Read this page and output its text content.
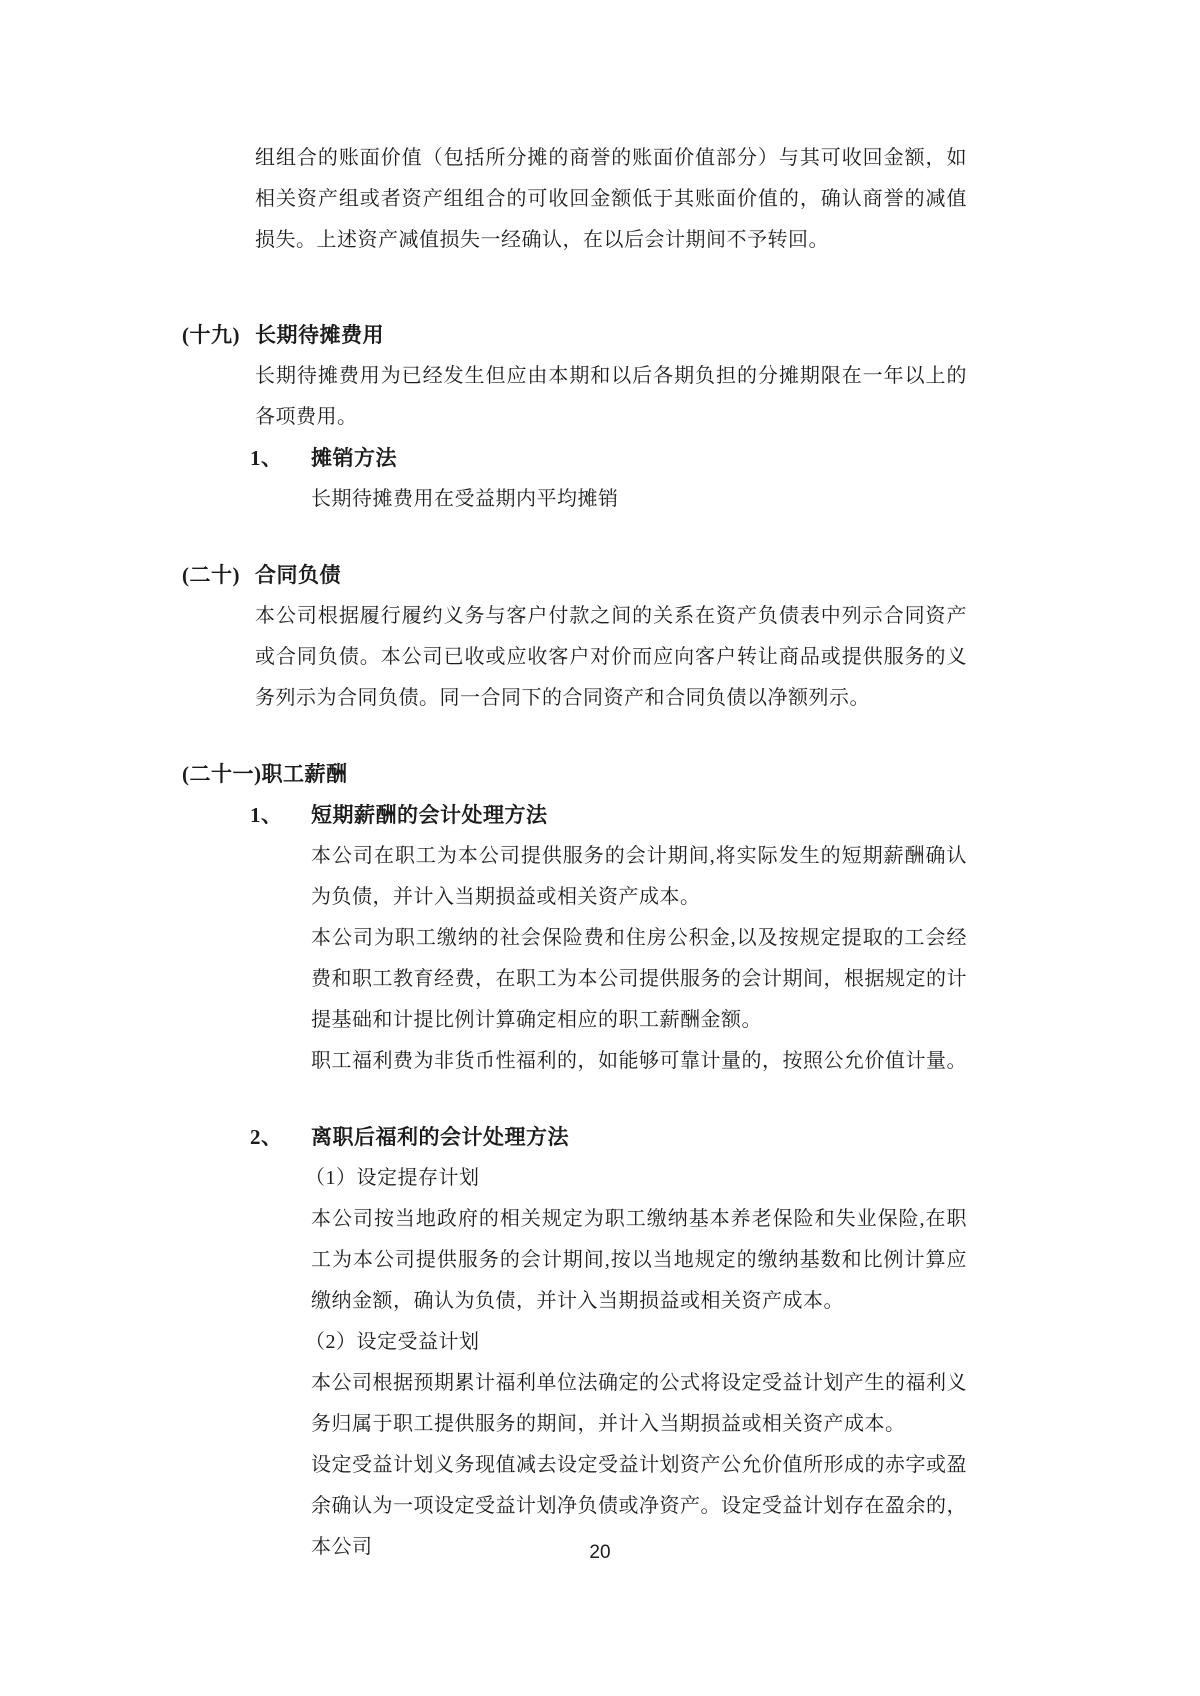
组组合的账面价值（包括所分摊的商誉的账面价值部分）与其可收回金额，如相关资产组或者资产组组合的可收回金额低于其账面价值的，确认商誉的减值损失。上述资产减值损失一经确认，在以后会计期间不予转回。
(十九) 长期待摊费用
长期待摊费用为已经发生但应由本期和以后各期负担的分摊期限在一年以上的各项费用。
1、	摊销方法
长期待摊费用在受益期内平均摊销
(二十) 合同负债
本公司根据履行履约义务与客户付款之间的关系在资产负债表中列示合同资产或合同负债。本公司已收或应收客户对价而应向客户转让商品或提供服务的义务列示为合同负债。同一合同下的合同资产和合同负债以净额列示。
(二十一) 职工薪酬
1、	短期薪酬的会计处理方法
本公司在职工为本公司提供服务的会计期间,将实际发生的短期薪酬确认为负债，并计入当期损益或相关资产成本。
本公司为职工缴纳的社会保险费和住房公积金,以及按规定提取的工会经费和职工教育经费，在职工为本公司提供服务的会计期间，根据规定的计提基础和计提比例计算确定相应的职工薪酬金额。
职工福利费为非货币性福利的，如能够可靠计量的，按照公允价值计量。
2、	离职后福利的会计处理方法
（1）设定提存计划
本公司按当地政府的相关规定为职工缴纳基本养老保险和失业保险,在职工为本公司提供服务的会计期间,按以当地规定的缴纳基数和比例计算应缴纳金额，确认为负债，并计入当期损益或相关资产成本。
（2）设定受益计划
本公司根据预期累计福利单位法确定的公式将设定受益计划产生的福利义务归属于职工提供服务的期间，并计入当期损益或相关资产成本。
设定受益计划义务现值减去设定受益计划资产公允价值所形成的赤字或盈余确认为一项设定受益计划净负债或净资产。设定受益计划存在盈余的，本公司	20
